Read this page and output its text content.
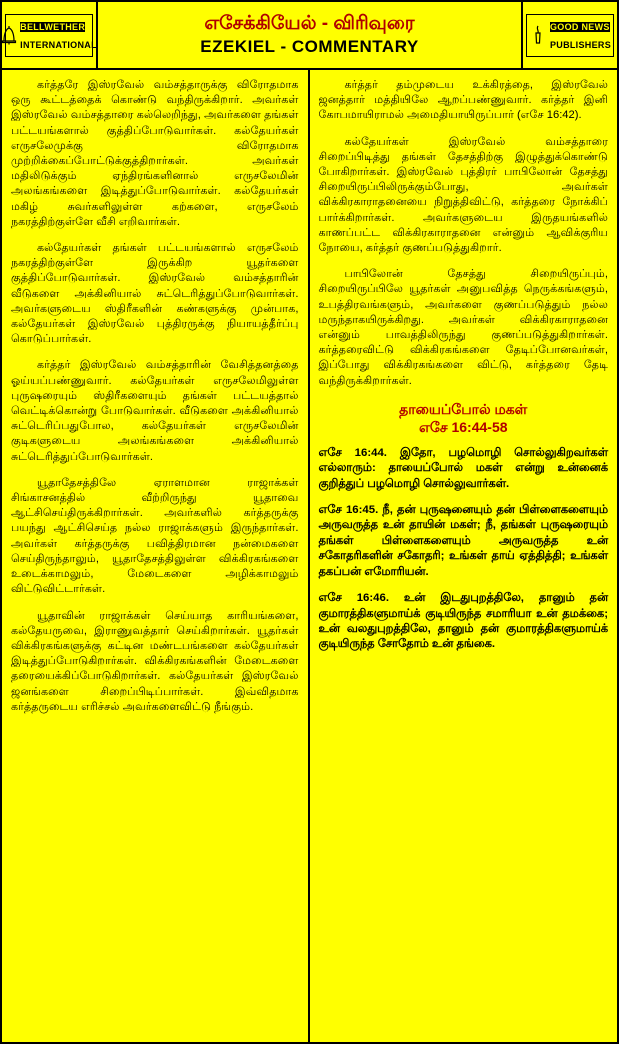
BELLWETHER INTERNATIONAL
எசேக்கியேல் - விரிவுரை
EZEKIEL - COMMENTARY
GOOD NEWS PUBLISHERS

கர்த்தரே இஸ்ரவேல் வம்சத்தாருக்கு விரோதமாக ஒரு கூட்டத்தைக் கொண்டு வந்திருக்கிறார். அவர்கள் இஸ்ரவேல் வம்சத்தாரை கல்லெறிந்து, அவர்களை தங்கள் பட்டயங்களால் குத்திப்போடுவார்கள். கல்தேயர்கள் எருசலேமுக்கு விரோதமாக முற்றிக்கைப்போட்டுக்குத்திறார்கள். அவர்கள் மதிலிடுக்கும் ஏந்திரங்களினால் எருசலேமின் அலங்கங்களை இடித்துப்போடுவார்கள். கல்தேயர்கள் மகிழ் சுவர்களிலுள்ள கற்களை, எருசலேம் நகரத்திற்குள்ளே வீசி எறிவார்கள்.

கல்தேயர்கள் தங்கள் பட்டயங்களால் எருசலேம் நகரத்திற்குள்ளே இருக்கிற யூதர்களை குத்திப்போடுவார்கள். இஸ்ரவேல் வம்சத்தாரின் வீடுகளை அக்கினியால் சுட்டெரித்துப்போடுவார்கள். அவர்களுடைய ஸ்திரீகளின் கண்களுக்கு முன்பாக, கல்தேயர்கள் இஸ்ரவேல் புத்திரருக்கு நியாயத்தீர்ப்பு கொடுப்பார்கள்.

கர்த்தர் இஸ்ரவேல் வம்சத்தாரின் வேசித்தனத்தை ஓய்யப்பண்ணுவார். கல்தேயர்கள் எருசலேமிலுள்ள புருஷரையும் ஸ்திரீகளையும் தங்கள் பட்டயத்தால் வெட்டிக்கொன்று போடுவார்கள். வீடுகளை அக்கினியால் சுட்டெரிப்பதுபோல, கல்தேயர்கள் எருசலேமின் குடிகளுடைய அலங்கங்களை அக்கினியால் சுட்டெரித்துப்போடுவார்கள்.

யூதாதேசத்திலே ஏராளமான ராஜாக்கள் சிங்காசனத்தில் வீற்றிருந்து யூதாவை ஆட்சிசெய்திருக்கிறார்கள். அவர்களில் கர்த்தருக்கு பயந்து ஆட்சிசெய்த நல்ல ராஜாக்களும் இருந்தார்கள். அவர்கள் கர்த்தருக்கு பவித்திரமான நன்மைகளை செய்திருந்தாலும், யூதாதேசத்திலுள்ள விக்கிரகங்களை உடைக்காமலும், மேடைகளை அழிக்காமலும் விட்டுவிட்டார்கள்.

யூதாவின் ராஜாக்கள் செய்யாத காரியங்களை, கல்தேயருவை, இராணுவத்தார் செய்கிறார்கள். யூதர்கள் விக்கிரகங்களுக்கு கட்டின மண்டபங்களை கல்தேயர்கள் இடித்துப்போடுகிறார்கள். விக்கிரகங்களின் மேடைகளை தரையைக்கிப்போடுகிறார்கள். கல்தேயர்கள் இஸ்ரவேல் ஜனங்களை சிறைப்பிடிப்பார்கள். இவ்விதமாக கர்த்தருடைய எரிச்சல் அவர்களைவிட்டு நீங்கும்.

கர்த்தர் தம்முடைய உக்கிரத்தை, இஸ்ரவேல் ஜனத்தார் மத்தியிலே ஆறப்பண்ணுவார். கர்த்தர் இனி கோபமாயிராமல் அமைதியாயிருப்பார் (எசே 16:42).

கல்தேயர்கள் இஸ்ரவேல் வம்சத்தாரை சிறைப்பிடித்து தங்கள் தேசத்திற்கு இழுத்துக்கொண்டு போகிறார்கள். இஸ்ரவேல் புத்திரர் பாபிலோன் தேசத்து சிறையிருப்பிலிருக்கும்போது, அவர்கள் விக்கிரகாராதனையை நிறுத்திவிட்டு, கர்த்தரை நோக்கிப் பார்க்கிறார்கள். அவர்களுடைய இருதயங்களில் காணப்பட்ட விக்கிரகாராதனை என்னும் ஆவிக்குரிய நோயை, கர்த்தர் குணப்படுத்துகிறார்.

பாபிலோன் தேசத்து சிறையிருப்பும், சிறையிருப்பிலே யூதர்கள் அனுபவித்த நெருக்கங்களும், உபத்திரவங்களும், அவர்களை குணப்படுத்தும் நல்ல மருந்தாகயிருக்கிறது. அவர்கள் விக்கிரகாராதனை என்னும் பாவத்திலிருந்து குணப்படுத்துகிறார்கள். கர்த்தரைவிட்டு விக்கிரகங்களை தேடிப்போனவர்கள், இப்போது விக்கிரகங்களை விட்டு, கர்த்தரை தேடி வந்திருக்கிறார்கள்.

தாயைப்போல் மகள்
எசே 16:44-58

எசே 16:44. இதோ, பழமொழி சொல்லுகிறவர்கள் எல்லாரும்: தாயைப்போல் மகள் என்று உன்னைக் குறித்துப் பழமொழி சொல்லுவார்கள்.

எசே 16:45. நீ, தன் புருஷனையும் தன் பிள்ளைகளையும் அருவருத்த உன் தாயின் மகள்; நீ, தங்கள் புருஷரையும் தங்கள் பிள்ளைகளையும் அருவருத்த உன் சகோதரிகளின் சகோதரி; உங்கள் தாய் ஏத்தித்தி; உங்கள் தகப்பன் எமோரியன்.

எசே 16:46. உன் இடதுபுறத்திலே, தானும் தன் குமாரத்திகளுமாய்க் குடியிருந்த சமாரியா உன் தமக்கை; உன் வலதுபுறத்திலே, தானும் தன் குமாரத்திகளுமாய்க் குடியிருந்த சோதோம் உன் தங்கை.
